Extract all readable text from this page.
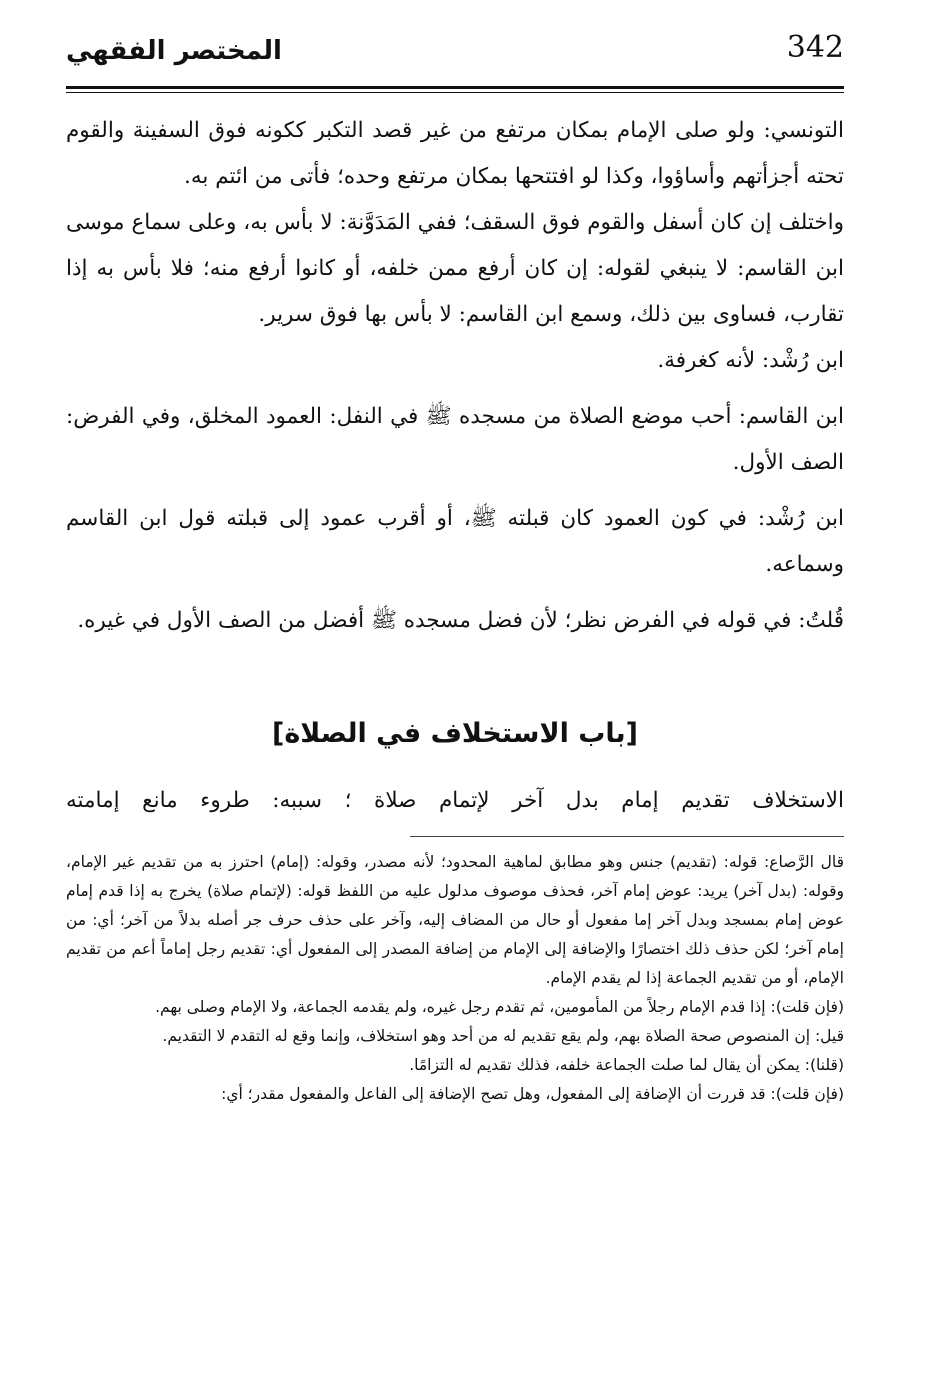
342
المختصر الفقهي

التونسي: ولو صلى الإمام بمكان مرتفع من غير قصد التكبر ككونه فوق السفينة والقوم تحته أجزأتهم وأساؤوا، وكذا لو افتتحها بمكان مرتفع وحده؛ فأتى من ائتم به.

واختلف إن كان أسفل والقوم فوق السقف؛ ففي المَدَوَّنة: لا بأس به، وعلى سماع موسى ابن القاسم: لا ينبغي لقوله: إن كان أرفع ممن خلفه، أو كانوا أرفع منه؛ فلا بأس به إذا تقارب، فساوى بين ذلك، وسمع ابن القاسم: لا بأس بها فوق سرير.

ابن رُشْد: لأنه كغرفة.

ابن القاسم: أحب موضع الصلاة من مسجده ﷺ في النفل: العمود المخلق، وفي الفرض: الصف الأول.

ابن رُشْد: في كون العمود كان قبلته ﷺ، أو أقرب عمود إلى قبلته قول ابن القاسم وسماعه.

قُلتُ: في قوله في الفرض نظر؛ لأن فضل مسجده ﷺ أفضل من الصف الأول في غيره.

[باب الاستخلاف في الصلاة]
الاستخلاف تقديم إمام بدل آخر لإتمام صلاة ؛ سببه: طروء مانع إمامته

قال الرَّصاع: قوله: (تقديم) جنس وهو مطابق لماهية المحدود؛ لأنه مصدر، وقوله: (إمام) احترز به من تقديم غير الإمام، وقوله: (بدل آخر) يريد: عوض إمام آخر، فحذف موصوف مدلول عليه من اللفظ قوله: (لإتمام صلاة) يخرج به إذا قدم إمام عوض إمام بمسجد وبدل آخر إما مفعول أو حال من المضاف إليه، وآخر على حذف حرف جر أصله بدلاً من آخر؛ أي: من إمام آخر؛ لكن حذف ذلك اختصارًا والإضافة إلى الإمام من إضافة المصدر إلى المفعول أي: تقديم رجل إماماً أعم من تقديم الإمام، أو من تقديم الجماعة إذا لم يقدم الإمام.

(فإن قلت): إذا قدم الإمام رجلاً من المأمومين، ثم تقدم رجل غيره، ولم يقدمه الجماعة، ولا الإمام وصلى بهم.

قيل: إن المنصوص صحة الصلاة بهم، ولم يقع تقديم له من أحد وهو استخلاف، وإنما وقع له التقدم لا التقديم.

(قلنا): يمكن أن يقال لما صلت الجماعة خلفه، فذلك تقديم له التزامًا.

(فإن قلت): قد قررت أن الإضافة إلى المفعول، وهل تصح الإضافة إلى الفاعل والمفعول مقدر؛ أي:
